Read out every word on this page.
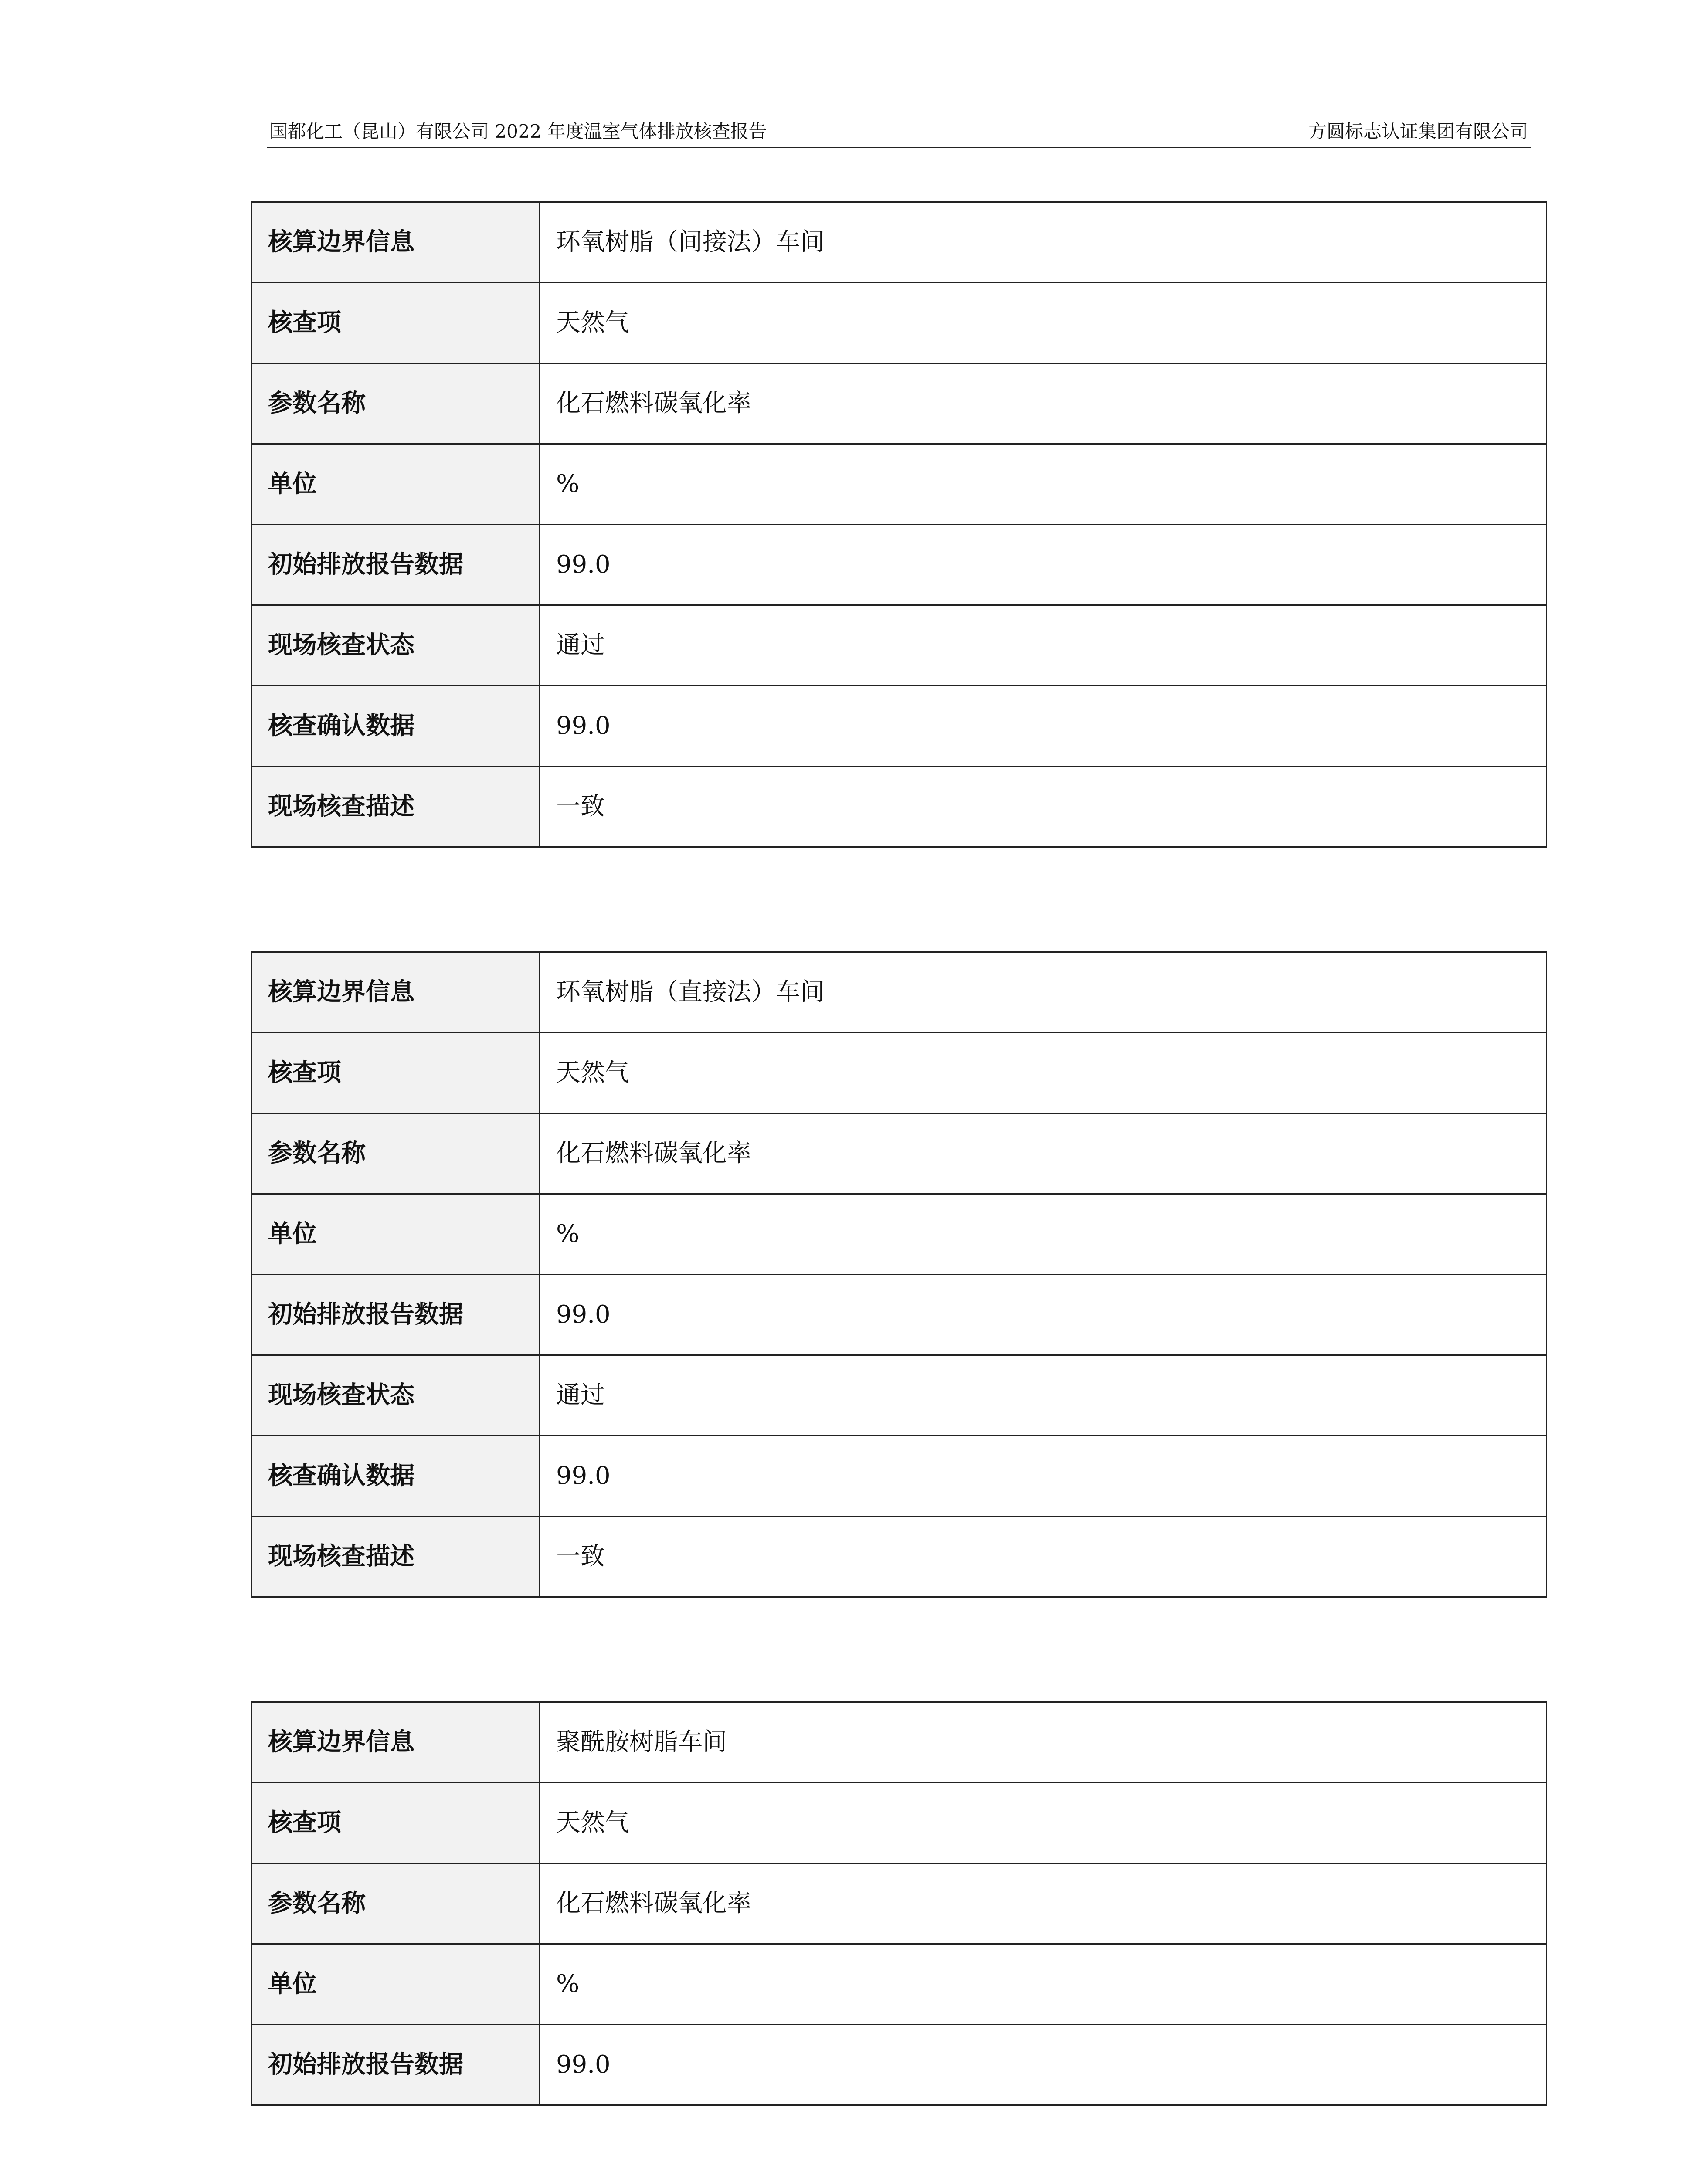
国都化工（昆山）有限公司 2022 年度温室气体排放核查报告	方圆标志认证集团有限公司
核算边界信息	环氧树脂（间接法）车间
核查项	天然气
参数名称	化石燃料碳氧化率
单位	%
初始排放报告数据	99.0
现场核查状态	通过
核查确认数据	99.0
现场核查描述	一致
核算边界信息	环氧树脂（直接法）车间
核查项	天然气
参数名称	化石燃料碳氧化率
单位	%
初始排放报告数据	99.0
现场核查状态	通过
核查确认数据	99.0
现场核查描述	一致
核算边界信息	聚酰胺树脂车间
核查项	天然气
参数名称	化石燃料碳氧化率
单位	%
初始排放报告数据	99.0
